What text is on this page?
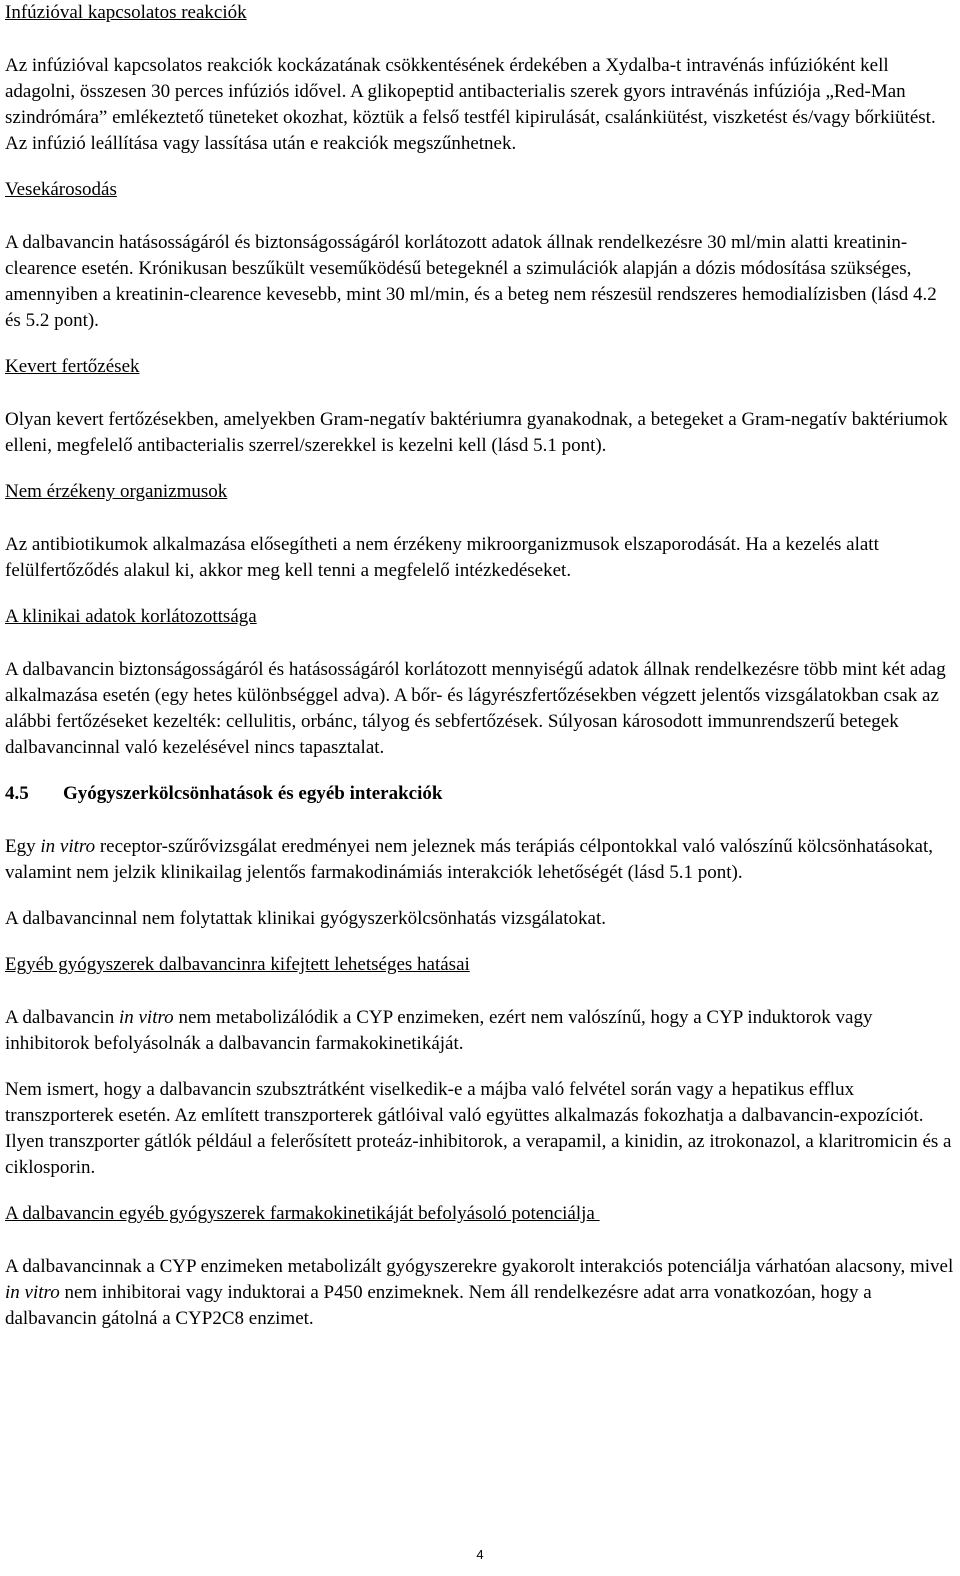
Infúzióval kapcsolatos reakciók

Az infúzióval kapcsolatos reakciók kockázatának csökkentésének érdekében a Xydalba-t intravénás infúzióként kell adagolni, összesen 30 perces infúziós idővel. A glikopeptid antibacterialis szerek gyors intravénás infúziója „Red-Man szindrómára” emlékeztető tüneteket okozhat, köztük a felső testfél kipirulását, csalánkiütést, viszketést és/vagy bőrkiütést. Az infúzió leállítása vagy lassítása után e reakciók megszűnhetnek.

Vesekárosodás

A dalbavancin hatásosságáról és biztonságosságáról korlátozott adatok állnak rendelkezésre 30 ml/min alatti kreatinin-clearence esetén. Krónikusan beszűkült veseműködésű betegeknél a szimulációk alapján a dózis módosítása szükséges, amennyiben a kreatinin-clearence kevesebb, mint 30 ml/min, és a beteg nem részesül rendszeres hemodialízisben (lásd 4.2 és 5.2 pont).

Kevert fertőzések

Olyan kevert fertőzésekben, amelyekben Gram-negatív baktériumra gyanakodnak, a betegeket a Gram-negatív baktériumok elleni, megfelelő antibacterialis szerrel/szerekkel is kezelni kell (lásd 5.1 pont).

Nem érzékeny organizmusok

Az antibiotikumok alkalmazása elősegítheti a nem érzékeny mikroorganizmusok elszaporodását. Ha a kezelés alatt felülfertőződés alakul ki, akkor meg kell tenni a megfelelő intézkedéseket.

A klinikai adatok korlátozottsága

A dalbavancin biztonságosságáról és hatásosságáról korlátozott mennyiségű adatok állnak rendelkezésre több mint két adag alkalmazása esetén (egy hetes különbséggel adva). A bőr- és lágyrészfertőzésekben végzett jelentős vizsgálatokban csak az alábbi fertőzéseket kezelték: cellulitis, orbánc, tályog és sebfertőzések. Súlyosan károsodott immunrendszerű betegek dalbavancinnal való kezelésével nincs tapasztalat.

4.5 Gyógyszerkölcsönhatások és egyéb interakciók

Egy in vitro receptor-szűrővizsgálat eredményei nem jeleznek más terápiás célpontokkal való valószínű kölcsönhatásokat, valamint nem jelzik klinikailag jelentős farmakodinámiás interakciók lehetőségét (lásd 5.1 pont).

A dalbavancinnal nem folytattak klinikai gyógyszerkölcsönhatás vizsgálatokat.

Egyéb gyógyszerek dalbavancinra kifejtett lehetséges hatásai

A dalbavancin in vitro nem metabolizálódik a CYP enzimeken, ezért nem valószínű, hogy a CYP induktorok vagy inhibitorok befolyásolnák a dalbavancin farmakokinetikáját.

Nem ismert, hogy a dalbavancin szubsztrátként viselkedik-e a májba való felvétel során vagy a hepatikus efflux transzporterek esetén. Az említett transzporterek gátlóival való együttes alkalmazás fokozhatja a dalbavancin-expozíciót. Ilyen transzporter gátlók például a felerősített proteáz-inhibitorok, a verapamil, a kinidin, az itrokonazol, a klaritromicin és a ciklosporin.

A dalbavancin egyéb gyógyszerek farmakokinetikáját befolyásoló potenciálja

A dalbavancinnak a CYP enzimeken metabolizált gyógyszerekre gyakorolt interakciós potenciálja várhatóan alacsony, mivel in vitro nem inhibitorai vagy induktorai a P450 enzimeknek. Nem áll rendelkezésre adat arra vonatkozóan, hogy a dalbavancin gátolná a CYP2C8 enzimet.

4
